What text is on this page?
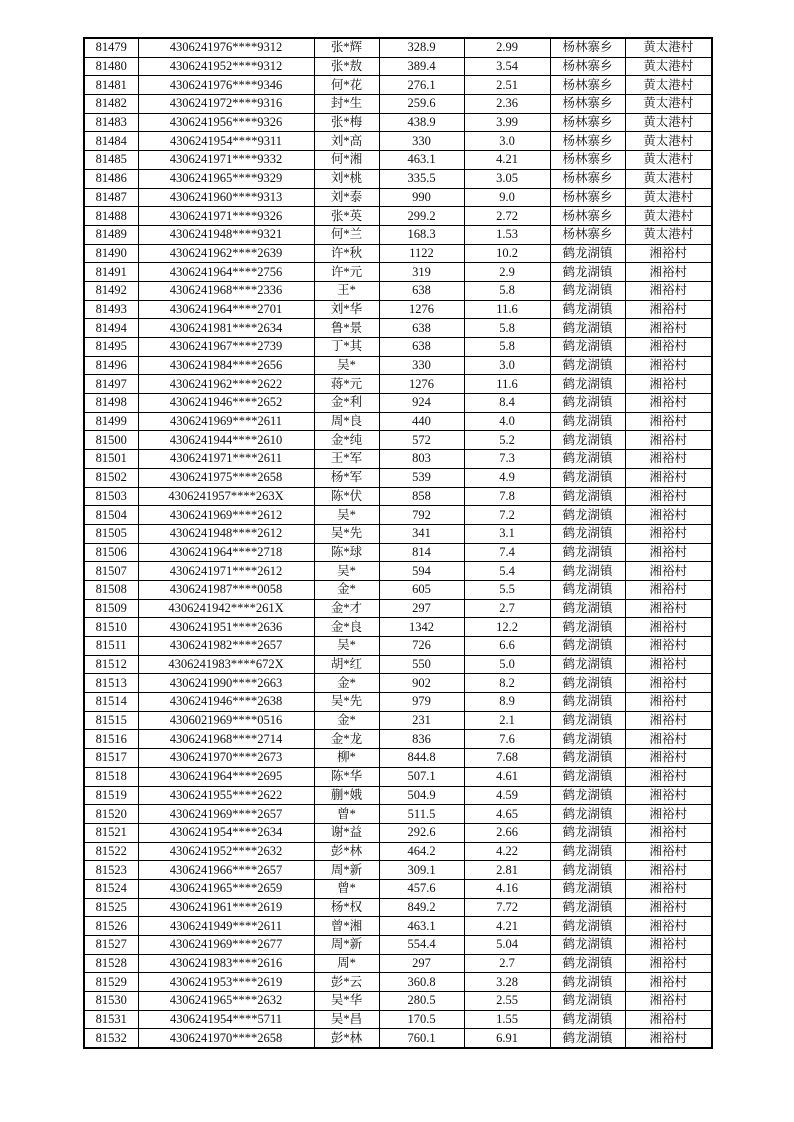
81479	4306241976****9312	张*辉	328.9	2.99	杨林寨乡	黄太港村
81480	4306241952****9312	张*敖	389.4	3.54	杨林寨乡	黄太港村
81481	4306241976****9346	何*花	276.1	2.51	杨林寨乡	黄太港村
81482	4306241972****9316	封*生	259.6	2.36	杨林寨乡	黄太港村
81483	4306241956****9326	张*梅	438.9	3.99	杨林寨乡	黄太港村
81484	4306241954****9311	刘*高	330	3.0	杨林寨乡	黄太港村
81485	4306241971****9332	何*湘	463.1	4.21	杨林寨乡	黄太港村
81486	4306241965****9329	刘*桃	335.5	3.05	杨林寨乡	黄太港村
81487	4306241960****9313	刘*泰	990	9.0	杨林寨乡	黄太港村
81488	4306241971****9326	张*英	299.2	2.72	杨林寨乡	黄太港村
81489	4306241948****9321	何*兰	168.3	1.53	杨林寨乡	黄太港村
81490	4306241962****2639	许*秋	1122	10.2	鹤龙湖镇	湘裕村
81491	4306241964****2756	许*元	319	2.9	鹤龙湖镇	湘裕村
81492	4306241968****2336	王*	638	5.8	鹤龙湖镇	湘裕村
81493	4306241964****2701	刘*华	1276	11.6	鹤龙湖镇	湘裕村
81494	4306241981****2634	鲁*景	638	5.8	鹤龙湖镇	湘裕村
81495	4306241967****2739	丁*其	638	5.8	鹤龙湖镇	湘裕村
81496	4306241984****2656	吴*	330	3.0	鹤龙湖镇	湘裕村
81497	4306241962****2622	蒋*元	1276	11.6	鹤龙湖镇	湘裕村
81498	4306241946****2652	金*利	924	8.4	鹤龙湖镇	湘裕村
81499	4306241969****2611	周*良	440	4.0	鹤龙湖镇	湘裕村
81500	4306241944****2610	金*纯	572	5.2	鹤龙湖镇	湘裕村
81501	4306241971****2611	王*军	803	7.3	鹤龙湖镇	湘裕村
81502	4306241975****2658	杨*军	539	4.9	鹤龙湖镇	湘裕村
81503	4306241957****263X	陈*伏	858	7.8	鹤龙湖镇	湘裕村
81504	4306241969****2612	吴*	792	7.2	鹤龙湖镇	湘裕村
81505	4306241948****2612	吴*先	341	3.1	鹤龙湖镇	湘裕村
81506	4306241964****2718	陈*球	814	7.4	鹤龙湖镇	湘裕村
81507	4306241971****2612	吴*	594	5.4	鹤龙湖镇	湘裕村
81508	4306241987****0058	金*	605	5.5	鹤龙湖镇	湘裕村
81509	4306241942****261X	金*才	297	2.7	鹤龙湖镇	湘裕村
81510	4306241951****2636	金*良	1342	12.2	鹤龙湖镇	湘裕村
81511	4306241982****2657	吴*	726	6.6	鹤龙湖镇	湘裕村
81512	4306241983****672X	胡*红	550	5.0	鹤龙湖镇	湘裕村
81513	4306241990****2663	金*	902	8.2	鹤龙湖镇	湘裕村
81514	4306241946****2638	吴*先	979	8.9	鹤龙湖镇	湘裕村
81515	4306021969****0516	金*	231	2.1	鹤龙湖镇	湘裕村
81516	4306241968****2714	金*龙	836	7.6	鹤龙湖镇	湘裕村
81517	4306241970****2673	柳*	844.8	7.68	鹤龙湖镇	湘裕村
81518	4306241964****2695	陈*华	507.1	4.61	鹤龙湖镇	湘裕村
81519	4306241955****2622	蒯*娥	504.9	4.59	鹤龙湖镇	湘裕村
81520	4306241969****2657	曾*	511.5	4.65	鹤龙湖镇	湘裕村
81521	4306241954****2634	谢*益	292.6	2.66	鹤龙湖镇	湘裕村
81522	4306241952****2632	彭*林	464.2	4.22	鹤龙湖镇	湘裕村
81523	4306241966****2657	周*新	309.1	2.81	鹤龙湖镇	湘裕村
81524	4306241965****2659	曾*	457.6	4.16	鹤龙湖镇	湘裕村
81525	4306241961****2619	杨*权	849.2	7.72	鹤龙湖镇	湘裕村
81526	4306241949****2611	曾*湘	463.1	4.21	鹤龙湖镇	湘裕村
81527	4306241969****2677	周*新	554.4	5.04	鹤龙湖镇	湘裕村
81528	4306241983****2616	周*	297	2.7	鹤龙湖镇	湘裕村
81529	4306241953****2619	彭*云	360.8	3.28	鹤龙湖镇	湘裕村
81530	4306241965****2632	吴*华	280.5	2.55	鹤龙湖镇	湘裕村
81531	4306241954****5711	吴*昌	170.5	1.55	鹤龙湖镇	湘裕村
81532	4306241970****2658	彭*林	760.1	6.91	鹤龙湖镇	湘裕村
